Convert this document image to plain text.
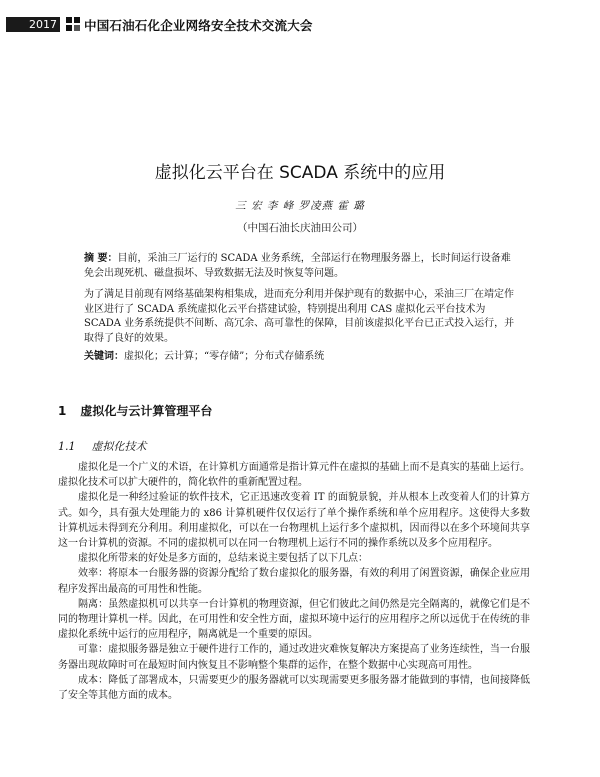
2017 中国石油石化企业网络安全技术交流大会
虚拟化云平台在 SCADA 系统中的应用
三 宏 李 峰 罗凌燕 霍 璐
（中国石油长庆油田公司）
摘 要：目前，采油三厂运行的 SCADA 业务系统，全部运行在物理服务器上，长时间运行设备难免会出现死机、磁盘损坏、导致数据无法及时恢复等问题。
为了满足目前现有网络基础架构相集成，进而充分利用并保护现有的数据中心，采油三厂在靖定作业区进行了 SCADA 系统虚拟化云平台搭建试验，特别提出利用 CAS 虚拟化云平台技术为 SCADA 业务系统提供不间断、高冗余、高可靠性的保障，目前该虚拟化平台已正式投入运行，并取得了良好的效果。
关键词：虚拟化；云计算；“零存储”；分布式存储系统
1 虚拟化与云计算管理平台
1.1 虚拟化技术

虚拟化是一个广义的术语，在计算机方面通常是指计算元件在虚拟的基础上而不是真实的基础上运行。虚拟化技术可以扩大硬件的，简化软件的重新配置过程。

虚拟化是一种经过验证的软件技术，它正迅速改变着 IT 的面貌景貌，并从根本上改变着人们的计算方式。如今，具有强大处理能力的 x86 计算机硬件仅仅运行了单个操作系统和单个应用程序。这使得大多数计算机远未得到充分利用。利用虚拟化，可以在一台物理机上运行多个虚拟机，因而得以在多个环境间共享这一台计算机的资源。不同的虚拟机可以在同一台物理机上运行不同的操作系统以及多个应用程序。

虚拟化所带来的好处是多方面的，总结来说主要包括了以下几点：

效率：将原本一台服务器的资源分配给了数台虚拟化的服务器，有效的利用了闲置资源，确保企业应用程序发挥出最高的可用性和性能。

隔离：虽然虚拟机可以共享一台计算机的物理资源，但它们彼此之间仍然是完全隔离的，就像它们是不同的物理计算机一样。因此，在可用性和安全性方面，虚拟环境中运行的应用程序之所以远优于在传统的非虚拟化系统中运行的应用程序，隔离就是一个重要的原因。

可靠：虚拟服务器是独立于硬件进行工作的，通过改进灾难恢复解决方案提高了业务连续性，当一台服务器出现故障时可在最短时间内恢复且不影响整个集群的运作，在整个数据中心实现高可用性。

成本：降低了部署成本，只需要更少的服务器就可以实现需要更多服务器才能做到的事情，也间接降低了安全等其他方面的成本。
